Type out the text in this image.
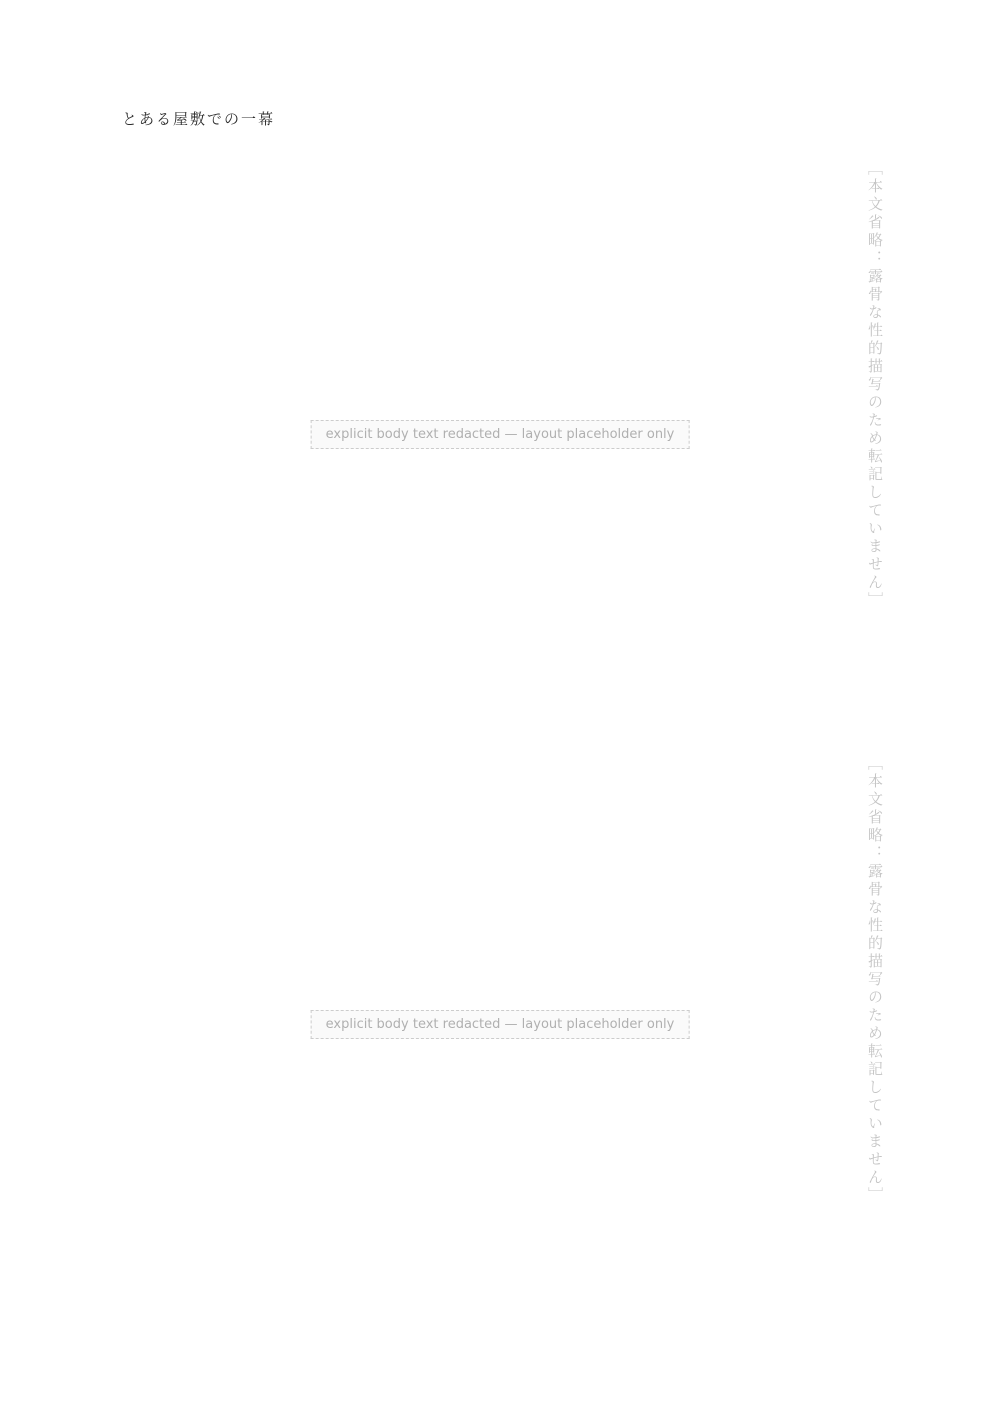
とある屋敷での一幕
［本文省略：露骨な性的描写のため転記していません］
explicit body text redacted — layout placeholder only
［本文省略：露骨な性的描写のため転記していません］
explicit body text redacted — layout placeholder only
